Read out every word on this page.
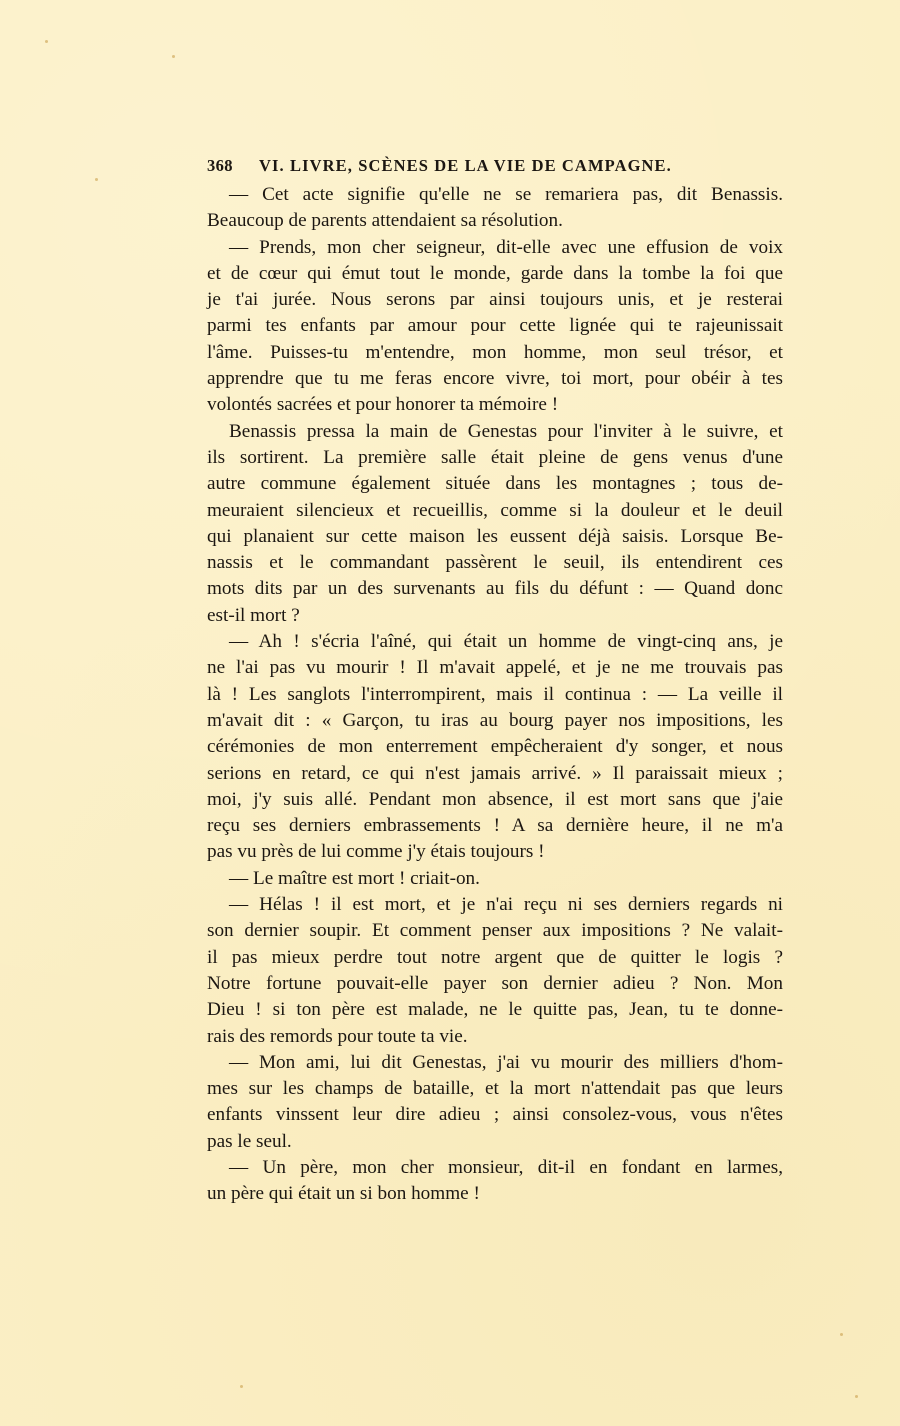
368 VI. LIVRE, SCÈNES DE LA VIE DE CAMPAGNE.
— Cet acte signifie qu'elle ne se remariera pas, dit Benassis.
Beaucoup de parents attendaient sa résolution.
— Prends, mon cher seigneur, dit-elle avec une effusion de voix
et de cœur qui émut tout le monde, garde dans la tombe la foi que
je t'ai jurée. Nous serons par ainsi toujours unis, et je resterai
parmi tes enfants par amour pour cette lignée qui te rajeunissait
l'âme. Puisses-tu m'entendre, mon homme, mon seul trésor, et
apprendre que tu me feras encore vivre, toi mort, pour obéir à tes
volontés sacrées et pour honorer ta mémoire !
Benassis pressa la main de Genestas pour l'inviter à le suivre, et
ils sortirent. La première salle était pleine de gens venus d'une
autre commune également située dans les montagnes ; tous de-
meuraient silencieux et recueillis, comme si la douleur et le deuil
qui planaient sur cette maison les eussent déjà saisis. Lorsque Be-
nassis et le commandant passèrent le seuil, ils entendirent ces
mots dits par un des survenants au fils du défunt : — Quand donc
est-il mort ?
— Ah ! s'écria l'aîné, qui était un homme de vingt-cinq ans, je
ne l'ai pas vu mourir ! Il m'avait appelé, et je ne me trouvais pas
là ! Les sanglots l'interrompirent, mais il continua : — La veille il
m'avait dit : « Garçon, tu iras au bourg payer nos impositions, les
cérémonies de mon enterrement empêcheraient d'y songer, et nous
serions en retard, ce qui n'est jamais arrivé. » Il paraissait mieux ;
moi, j'y suis allé. Pendant mon absence, il est mort sans que j'aie
reçu ses derniers embrassements ! A sa dernière heure, il ne m'a
pas vu près de lui comme j'y étais toujours !
— Le maître est mort ! criait-on.
— Hélas ! il est mort, et je n'ai reçu ni ses derniers regards ni
son dernier soupir. Et comment penser aux impositions ? Ne valait-
il pas mieux perdre tout notre argent que de quitter le logis ?
Notre fortune pouvait-elle payer son dernier adieu ? Non. Mon
Dieu ! si ton père est malade, ne le quitte pas, Jean, tu te donne-
rais des remords pour toute ta vie.
— Mon ami, lui dit Genestas, j'ai vu mourir des milliers d'hom-
mes sur les champs de bataille, et la mort n'attendait pas que leurs
enfants vinssent leur dire adieu ; ainsi consolez-vous, vous n'êtes
pas le seul.
— Un père, mon cher monsieur, dit-il en fondant en larmes,
un père qui était un si bon homme !
